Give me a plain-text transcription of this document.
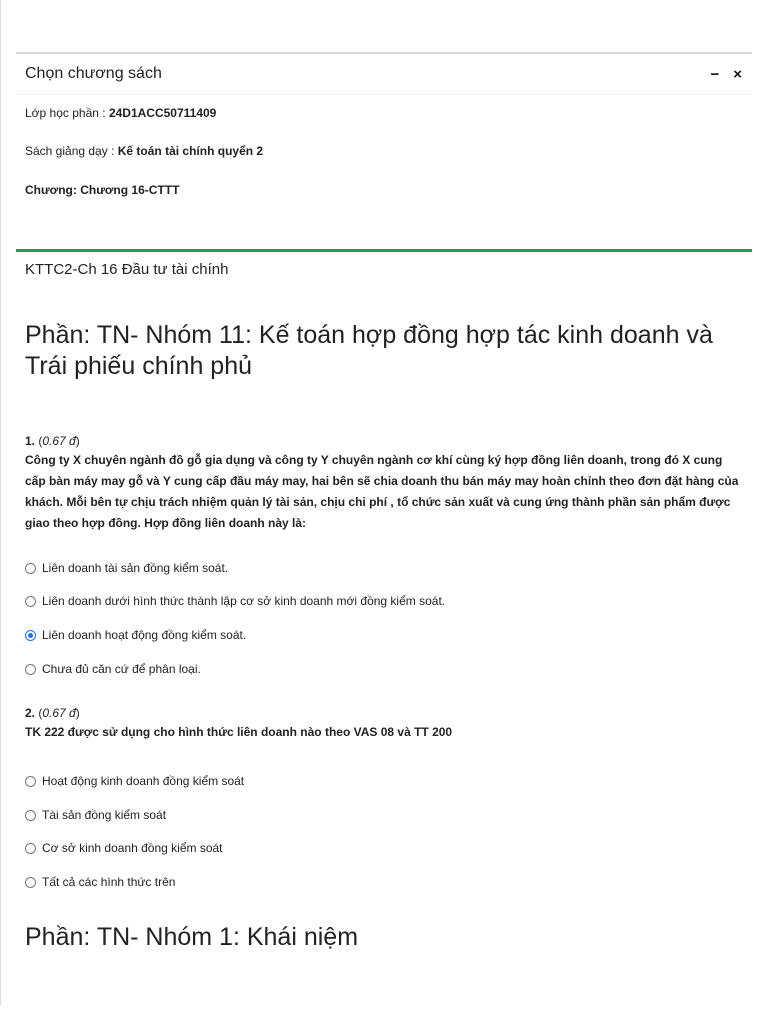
Chọn chương sách	− ×
Lớp học phần : 24D1ACC50711409
Sách giảng dạy : Kế toán tài chính quyển 2
Chương: Chương 16-CTTT
KTTC2-Ch 16 Đầu tư tài chính
Phần: TN- Nhóm 11: Kế toán hợp đồng hợp tác kinh doanh và Trái phiếu chính phủ
1. (0.67 đ)
Công ty X chuyên ngành đồ gỗ gia dụng và công ty Y chuyên ngành cơ khí cùng ký hợp đồng liên doanh, trong đó X cung cấp bàn máy may gỗ và Y cung cấp đầu máy may, hai bên sẽ chia doanh thu bán máy may hoàn chỉnh theo đơn đặt hàng của khách. Mỗi bên tự chịu trách nhiệm quản lý tài sản, chịu chi phí , tổ chức sản xuất và cung ứng thành phần sản phẩm được giao theo hợp đồng. Hợp đồng liên doanh này là:
Liên doanh tài sản đồng kiểm soát.
Liên doanh dưới hình thức thành lập cơ sở kinh doanh mới đồng kiểm soát.
Liên doanh hoạt động đồng kiểm soát.
Chưa đủ căn cứ để phân loại.
2. (0.67 đ)
TK 222 được sử dụng cho hình thức liên doanh nào theo VAS 08 và TT 200
Hoạt động kinh doanh đồng kiểm soát
Tài sản đồng kiểm soát
Cơ sở kinh doanh đồng kiểm soát
Tất cả các hình thức trên
Phần: TN- Nhóm 1: Khái niệm
